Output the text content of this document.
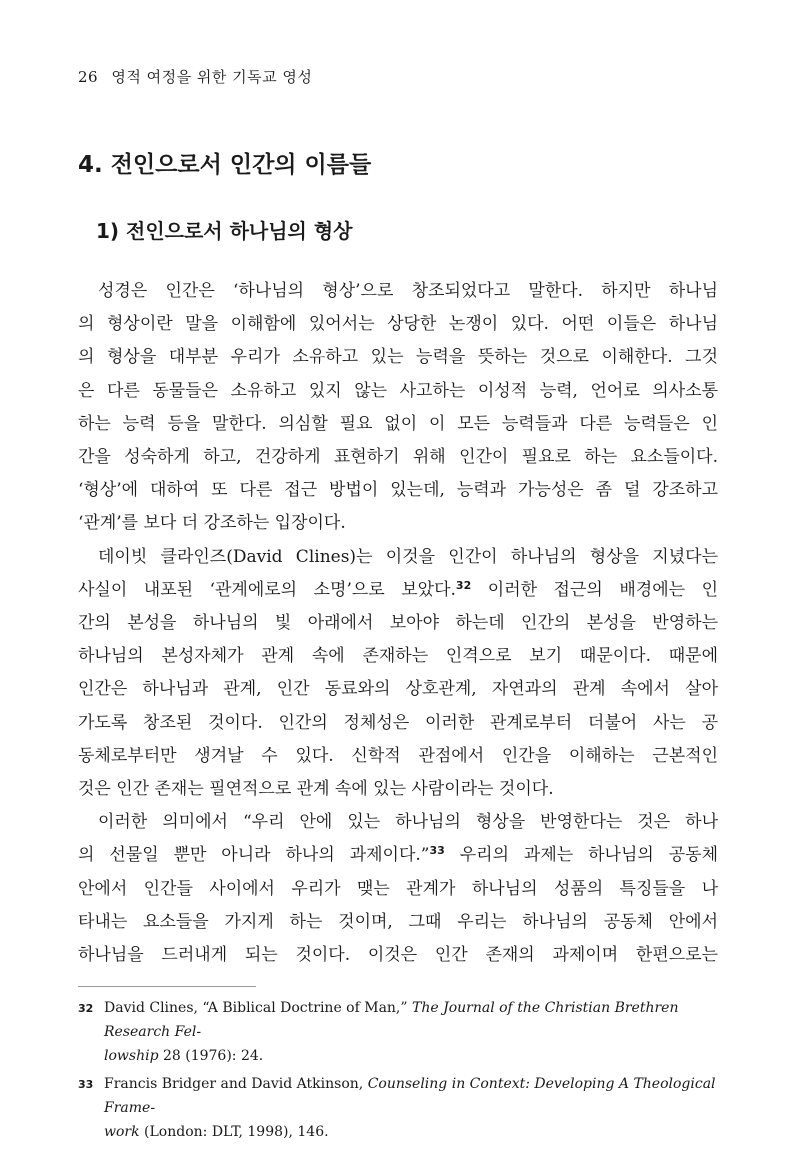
26 영적 여정을 위한 기독교 영성
4. 전인으로서 인간의 이름들
1) 전인으로서 하나님의 형상
성경은 인간은 ‘하나님의 형상’으로 창조되었다고 말한다. 하지만 하나님
의 형상이란 말을 이해함에 있어서는 상당한 논쟁이 있다. 어떤 이들은 하나님
의 형상을 대부분 우리가 소유하고 있는 능력을 뜻하는 것으로 이해한다. 그것
은 다른 동물들은 소유하고 있지 않는 사고하는 이성적 능력, 언어로 의사소통
하는 능력 등을 말한다. 의심할 필요 없이 이 모든 능력들과 다른 능력들은 인
간을 성숙하게 하고, 건강하게 표현하기 위해 인간이 필요로 하는 요소들이다.
‘형상’에 대하여 또 다른 접근 방법이 있는데, 능력과 가능성은 좀 덜 강조하고
‘관계’를 보다 더 강조하는 입장이다.
데이빗 클라인즈(David Clines)는 이것을 인간이 하나님의 형상을 지녔다는
사실이 내포된 ‘관계에로의 소명’으로 보았다.$^{32}$ 이러한 접근의 배경에는 인
간의 본성을 하나님의 빛 아래에서 보아야 하는데 인간의 본성을 반영하는
하나님의 본성자체가 관계 속에 존재하는 인격으로 보기 때문이다. 때문에
인간은 하나님과 관계, 인간 동료와의 상호관계, 자연과의 관계 속에서 살아
가도록 창조된 것이다. 인간의 정체성은 이러한 관계로부터 더불어 사는 공
동체로부터만 생겨날 수 있다. 신학적 관점에서 인간을 이해하는 근본적인
것은 인간 존재는 필연적으로 관계 속에 있는 사람이라는 것이다.
이러한 의미에서 “우리 안에 있는 하나님의 형상을 반영한다는 것은 하나
의 선물일 뿐만 아니라 하나의 과제이다.”$^{33}$ 우리의 과제는 하나님의 공동체
안에서 인간들 사이에서 우리가 맺는 관계가 하나님의 성품의 특징들을 나
타내는 요소들을 가지게 하는 것이며, 그때 우리는 하나님의 공동체 안에서
하나님을 드러내게 되는 것이다. 이것은 인간 존재의 과제이며 한편으로는
32 David Clines, “A Biblical Doctrine of Man,” The Journal of the Christian Brethren Research Fel-
lowship 28 (1976): 24.
33 Francis Bridger and David Atkinson, Counseling in Context: Developing A Theological Frame-
work (London: DLT, 1998), 146.
